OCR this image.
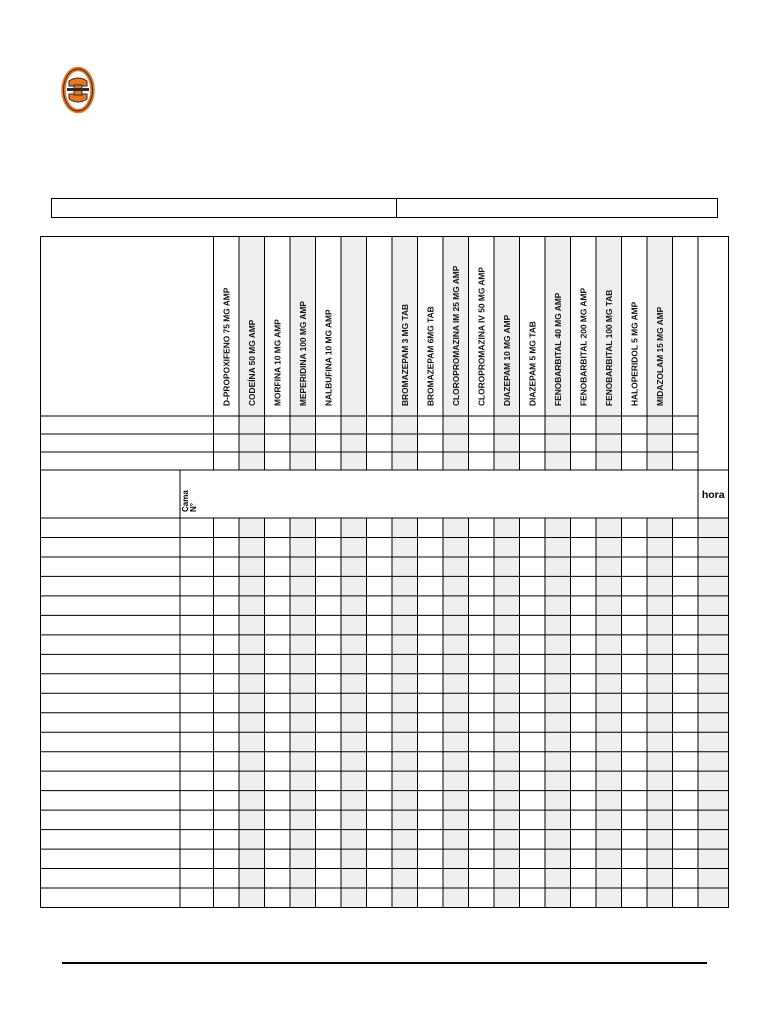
D-PROPOXIFENO 75 MG AMP CODEÍNA 50 MG AMP MORFINA 10 MG AMP MEPERIDINA 100 MG AMP NALBUFINA 10 MG AMP	BROMAZEPAM 3 MG TAB BROMAZEPAM 6MG TAB CLOROPROMAZINA IM 25 MG AMP CLOROPROMAZINA IV 50 MG AMP DIAZEPAM 10 MG AMP DIAZEPAM 5 MG TAB FENOBARBITAL 40 MG AMP FENOBARBITAL 200 MG AMP FENOBARBITAL 100 MG TAB HALOPERIDOL 5 MG AMP MIDAZOLAM 15 MG AMP
N°Cama	hora
